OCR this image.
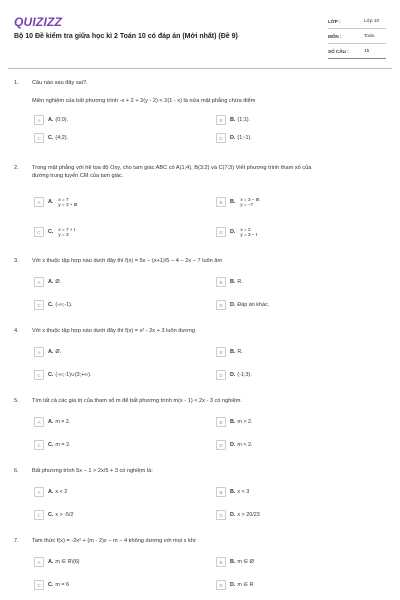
QUIZIZZ
Bộ 10 Đề kiểm tra giữa học kì 2 Toán 10 có đáp án (Mới nhất) (Đề 9)
LỚP :	Lớp 10
MÔN :	Toán
SỐ CÂU :	15
1. Câu nào sau đây sai?.
Miền nghiệm của bất phương trình -x + 2 + 2(y - 2) < 2(1 - x) là nửa mặt phẳng chứa điểm
A	A. (0;0).	B	B. (1;1).
C	C. (4;2).	D	D. (1;-1).
2. Trong mặt phẳng với hệ tọa độ Oxy, cho tam giác ABC có A(1;4), B(3;2) và C(7;3) Viết phương trình tham số của
đường trung tuyến CM của tam giác.
A	A. x = 7
y = 3 + 5t	B	B. x = 3 − 5t
y = −7
C	C. x = 7 + t
y = 3	D	D. x = 2
y = 3 − t
3. Với x thuộc tập hợp nào dưới đây thì f(x) = 5x − (x+1)/5 − 4 − 2x − 7 luôn âm
A	A. Ø.	B	B. R.
C	C. (-∞;-1).	D	D. Đáp án khác.
4. Với x thuộc tập hợp nào dưới đây thì f(x) = x² - 2x + 3 luôn dương
A	A. Ø.	B	B. R.
C	C. (-∞;-1)∪(3;+∞).	D	D. (-1;3).
5. Tìm tất cả các giá trị của tham số m để bất phương trình m(x - 1) < 2x - 3 có nghiệm.
A	A. m ≠ 2.	B	B. m > 2.
C	C. m = 2.	D	D. m < 2.
6. Bất phương trình 5x − 1 > 2x/5 + 3 có nghiệm là:
A	A. x < 2	B	B. x < 3
C	C. x > -5/2	D	D. x > 20/23
7. Tam thức f(x) = -2x² + (m - 2)x − m − 4 không dương với mọi x khi:
A	A. m ∈ R\{6}	B	B. m ∈ Ø
C	C. m = 6	D	D. m ∈ R
